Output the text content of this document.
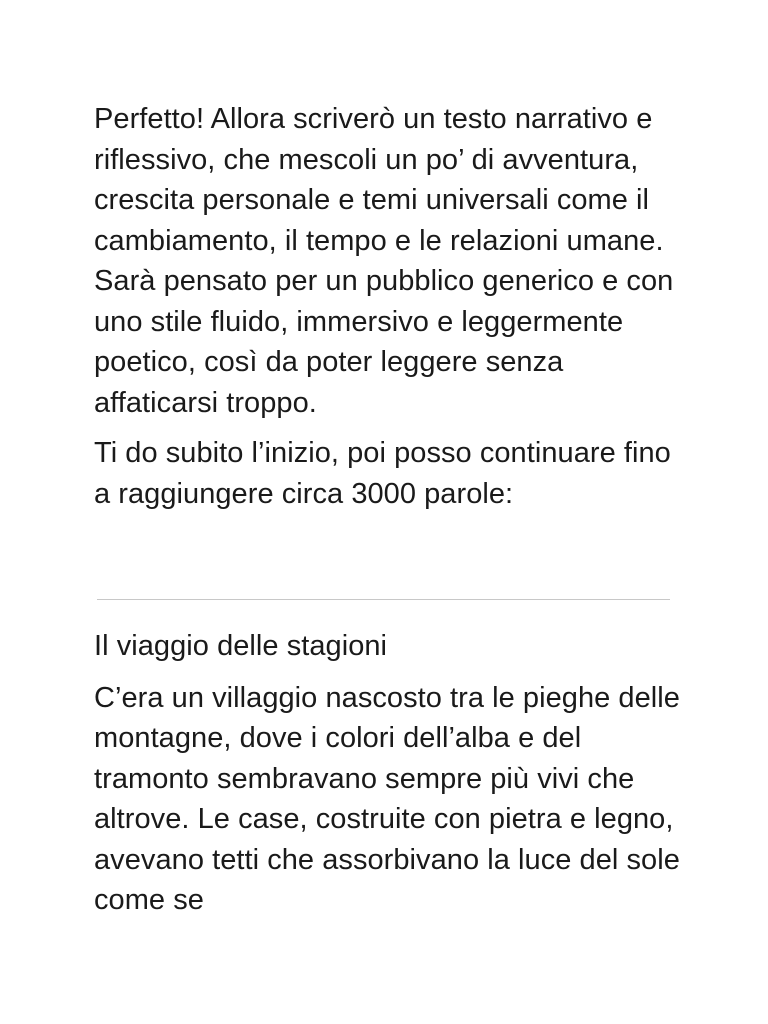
Perfetto! Allora scriverò un testo narrativo e riflessivo, che mescoli un po’ di avventura, crescita personale e temi universali come il cambiamento, il tempo e le relazioni umane. Sarà pensato per un pubblico generico e con uno stile fluido, immersivo e leggermente poetico, così da poter leggere senza affaticarsi troppo.

Ti do subito l’inizio, poi posso continuare fino a raggiungere circa 3000 parole:

Il viaggio delle stagioni

C’era un villaggio nascosto tra le pieghe delle montagne, dove i colori dell’alba e del tramonto sembravano sempre più vivi che altrove. Le case, costruite con pietra e legno, avevano tetti che assorbivano la luce del sole come se
